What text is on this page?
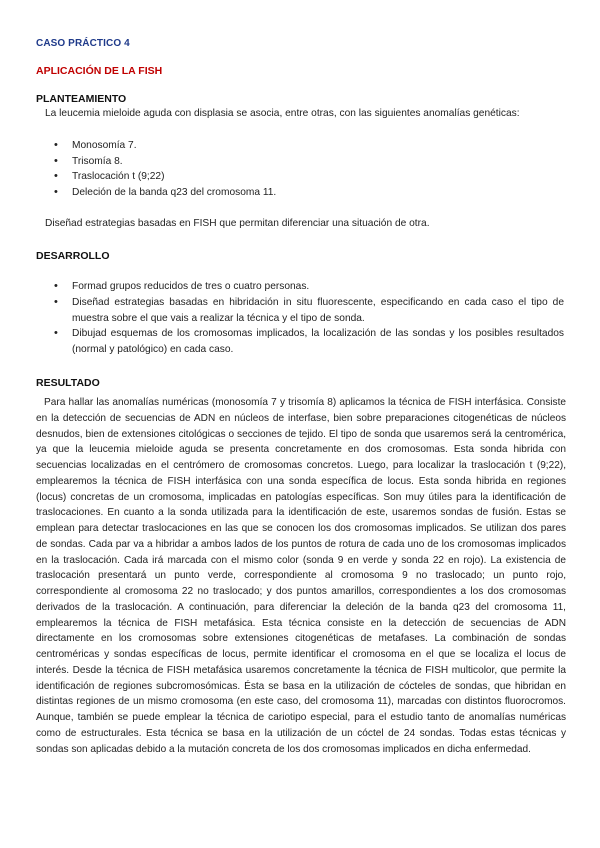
CASO PRÁCTICO 4
APLICACIÓN DE LA FISH
PLANTEAMIENTO
La leucemia mieloide aguda con displasia se asocia, entre otras, con las siguientes anomalías genéticas:
• Monosomía 7.
• Trisomía 8.
• Traslocación t (9;22)
• Deleción de la banda q23 del cromosoma 11.
Diseñad estrategias basadas en FISH que permitan diferenciar una situación de otra.
DESARROLLO
• Formad grupos reducidos de tres o cuatro personas.
• Diseñad estrategias basadas en hibridación in situ fluorescente, especificando en cada caso el tipo de muestra sobre el que vais a realizar la técnica y el tipo de sonda.
• Dibujad esquemas de los cromosomas implicados, la localización de las sondas y los posibles resultados (normal y patológico) en cada caso.
RESULTADO
Para hallar las anomalías numéricas (monosomía 7 y trisomía 8) aplicamos la técnica de FISH interfásica. Consiste en la detección de secuencias de ADN en núcleos de interfase, bien sobre preparaciones citogenéticas de núcleos desnudos, bien de extensiones citológicas o secciones de tejido. El tipo de sonda que usaremos será la centromérica, ya que la leucemia mieloide aguda se presenta concretamente en dos cromosomas. Esta sonda hibrida con secuencias localizadas en el centrómero de cromosomas concretos. Luego, para localizar la traslocación t (9;22), emplearemos la técnica de FISH interfásica con una sonda específica de locus. Esta sonda hibrida en regiones (locus) concretas de un cromosoma, implicadas en patologías específicas. Son muy útiles para la identificación de traslocaciones. En cuanto a la sonda utilizada para la identificación de este, usaremos sondas de fusión. Estas se emplean para detectar traslocaciones en las que se conocen los dos cromosomas implicados. Se utilizan dos pares de sondas. Cada par va a hibridar a ambos lados de los puntos de rotura de cada uno de los cromosomas implicados en la traslocación. Cada irá marcada con el mismo color (sonda 9 en verde y sonda 22 en rojo). La existencia de traslocación presentará un punto verde, correspondiente al cromosoma 9 no traslocado; un punto rojo, correspondiente al cromosoma 22 no traslocado; y dos puntos amarillos, correspondientes a los dos cromosomas derivados de la traslocación. A continuación, para diferenciar la deleción de la banda q23 del cromosoma 11, emplearemos la técnica de FISH metafásica. Esta técnica consiste en la detección de secuencias de ADN directamente en los cromosomas sobre extensiones citogenéticas de metafases. La combinación de sondas centroméricas y sondas específicas de locus, permite identificar el cromosoma en el que se localiza el locus de interés. Desde la técnica de FISH metafásica usaremos concretamente la técnica de FISH multicolor, que permite la identificación de regiones subcromosómicas. Ésta se basa en la utilización de cócteles de sondas, que hibridan en distintas regiones de un mismo cromosoma (en este caso, del cromosoma 11), marcadas con distintos fluorocromos. Aunque, también se puede emplear la técnica de cariotipo especial, para el estudio tanto de anomalías numéricas como de estructurales. Esta técnica se basa en la utilización de un cóctel de 24 sondas. Todas estas técnicas y sondas son aplicadas debido a la mutación concreta de los dos cromosomas implicados en dicha enfermedad.
